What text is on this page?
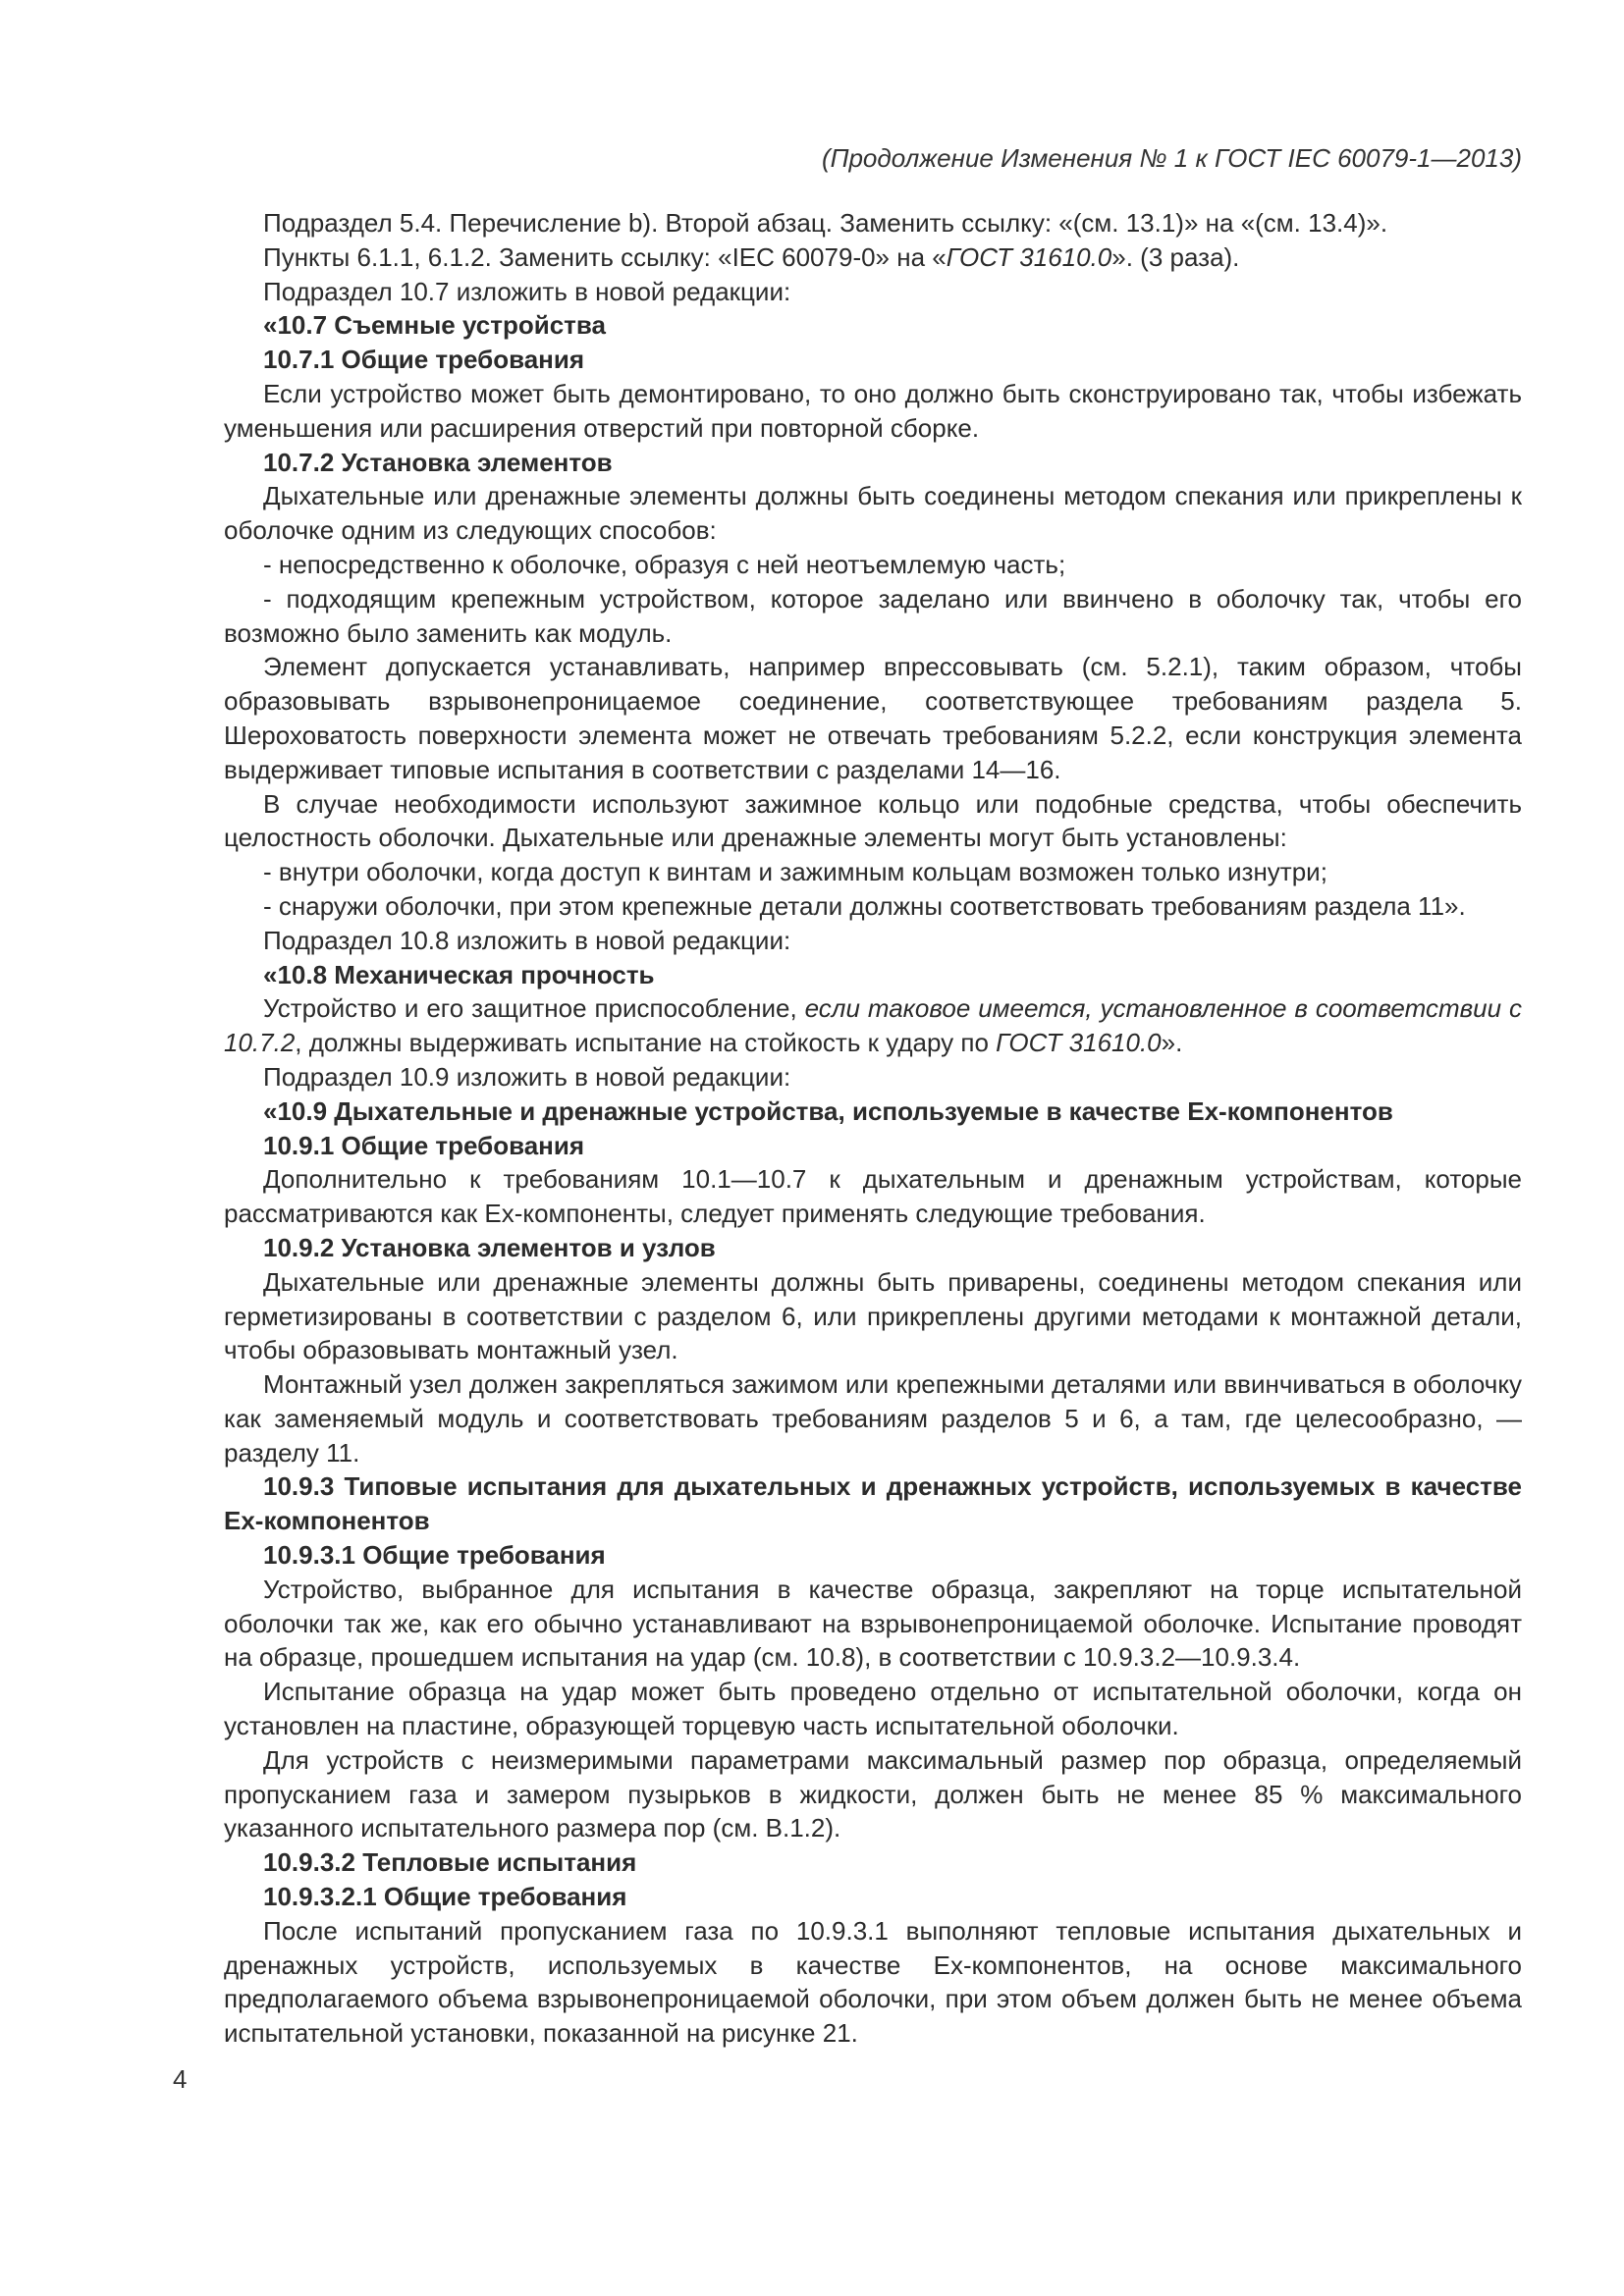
(Продолжение Изменения № 1 к ГОСТ IEC 60079-1—2013)

Подраздел 5.4. Перечисление b). Второй абзац. Заменить ссылку: «(см. 13.1)» на «(см. 13.4)».

Пункты 6.1.1, 6.1.2. Заменить ссылку: «IEC 60079-0» на «ГОСТ 31610.0». (3 раза).

Подраздел 10.7 изложить в новой редакции:

«10.7 Съемные устройства

10.7.1 Общие требования

Если устройство может быть демонтировано, то оно должно быть сконструировано так, чтобы избежать уменьшения или расширения отверстий при повторной сборке.

10.7.2 Установка элементов

Дыхательные или дренажные элементы должны быть соединены методом спекания или прикреплены к оболочке одним из следующих способов:

- непосредственно к оболочке, образуя с ней неотъемлемую часть;

- подходящим крепежным устройством, которое заделано или ввинчено в оболочку так, чтобы его возможно было заменить как модуль.

Элемент допускается устанавливать, например впрессовывать (см. 5.2.1), таким образом, чтобы образовывать взрывонепроницаемое соединение, соответствующее требованиям раздела 5. Шероховатость поверхности элемента может не отвечать требованиям 5.2.2, если конструкция элемента выдерживает типовые испытания в соответствии с разделами 14—16.

В случае необходимости используют зажимное кольцо или подобные средства, чтобы обеспечить целостность оболочки. Дыхательные или дренажные элементы могут быть установлены:

- внутри оболочки, когда доступ к винтам и зажимным кольцам возможен только изнутри;

- снаружи оболочки, при этом крепежные детали должны соответствовать требованиям раздела 11».

Подраздел 10.8 изложить в новой редакции:

«10.8 Механическая прочность

Устройство и его защитное приспособление, если таковое имеется, установленное в соответствии с 10.7.2, должны выдерживать испытание на стойкость к удару по ГОСТ 31610.0».

Подраздел 10.9 изложить в новой редакции:

«10.9 Дыхательные и дренажные устройства, используемые в качестве Ex-компонентов

10.9.1 Общие требования

Дополнительно к требованиям 10.1—10.7 к дыхательным и дренажным устройствам, которые рассматриваются как Ex-компоненты, следует применять следующие требования.

10.9.2 Установка элементов и узлов

Дыхательные или дренажные элементы должны быть приварены, соединены методом спекания или герметизированы в соответствии с разделом 6, или прикреплены другими методами к монтажной детали, чтобы образовывать монтажный узел.

Монтажный узел должен закрепляться зажимом или крепежными деталями или ввинчиваться в оболочку как заменяемый модуль и соответствовать требованиям разделов 5 и 6, а там, где целесообразно, — разделу 11.

10.9.3 Типовые испытания для дыхательных и дренажных устройств, используемых в качестве Ex-компонентов

10.9.3.1 Общие требования

Устройство, выбранное для испытания в качестве образца, закрепляют на торце испытательной оболочки так же, как его обычно устанавливают на взрывонепроницаемой оболочке. Испытание проводят на образце, прошедшем испытания на удар (см. 10.8), в соответствии с 10.9.3.2—10.9.3.4.

Испытание образца на удар может быть проведено отдельно от испытательной оболочки, когда он установлен на пластине, образующей торцевую часть испытательной оболочки.

Для устройств с неизмеримыми параметрами максимальный размер пор образца, определяемый пропусканием газа и замером пузырьков в жидкости, должен быть не менее 85 % максимального указанного испытательного размера пор (см. B.1.2).

10.9.3.2 Тепловые испытания

10.9.3.2.1 Общие требования

После испытаний пропусканием газа по 10.9.3.1 выполняют тепловые испытания дыхательных и дренажных устройств, используемых в качестве Ex-компонентов, на основе максимального предполагаемого объема взрывонепроницаемой оболочки, при этом объем должен быть не менее объема испытательной установки, показанной на рисунке 21.

4
